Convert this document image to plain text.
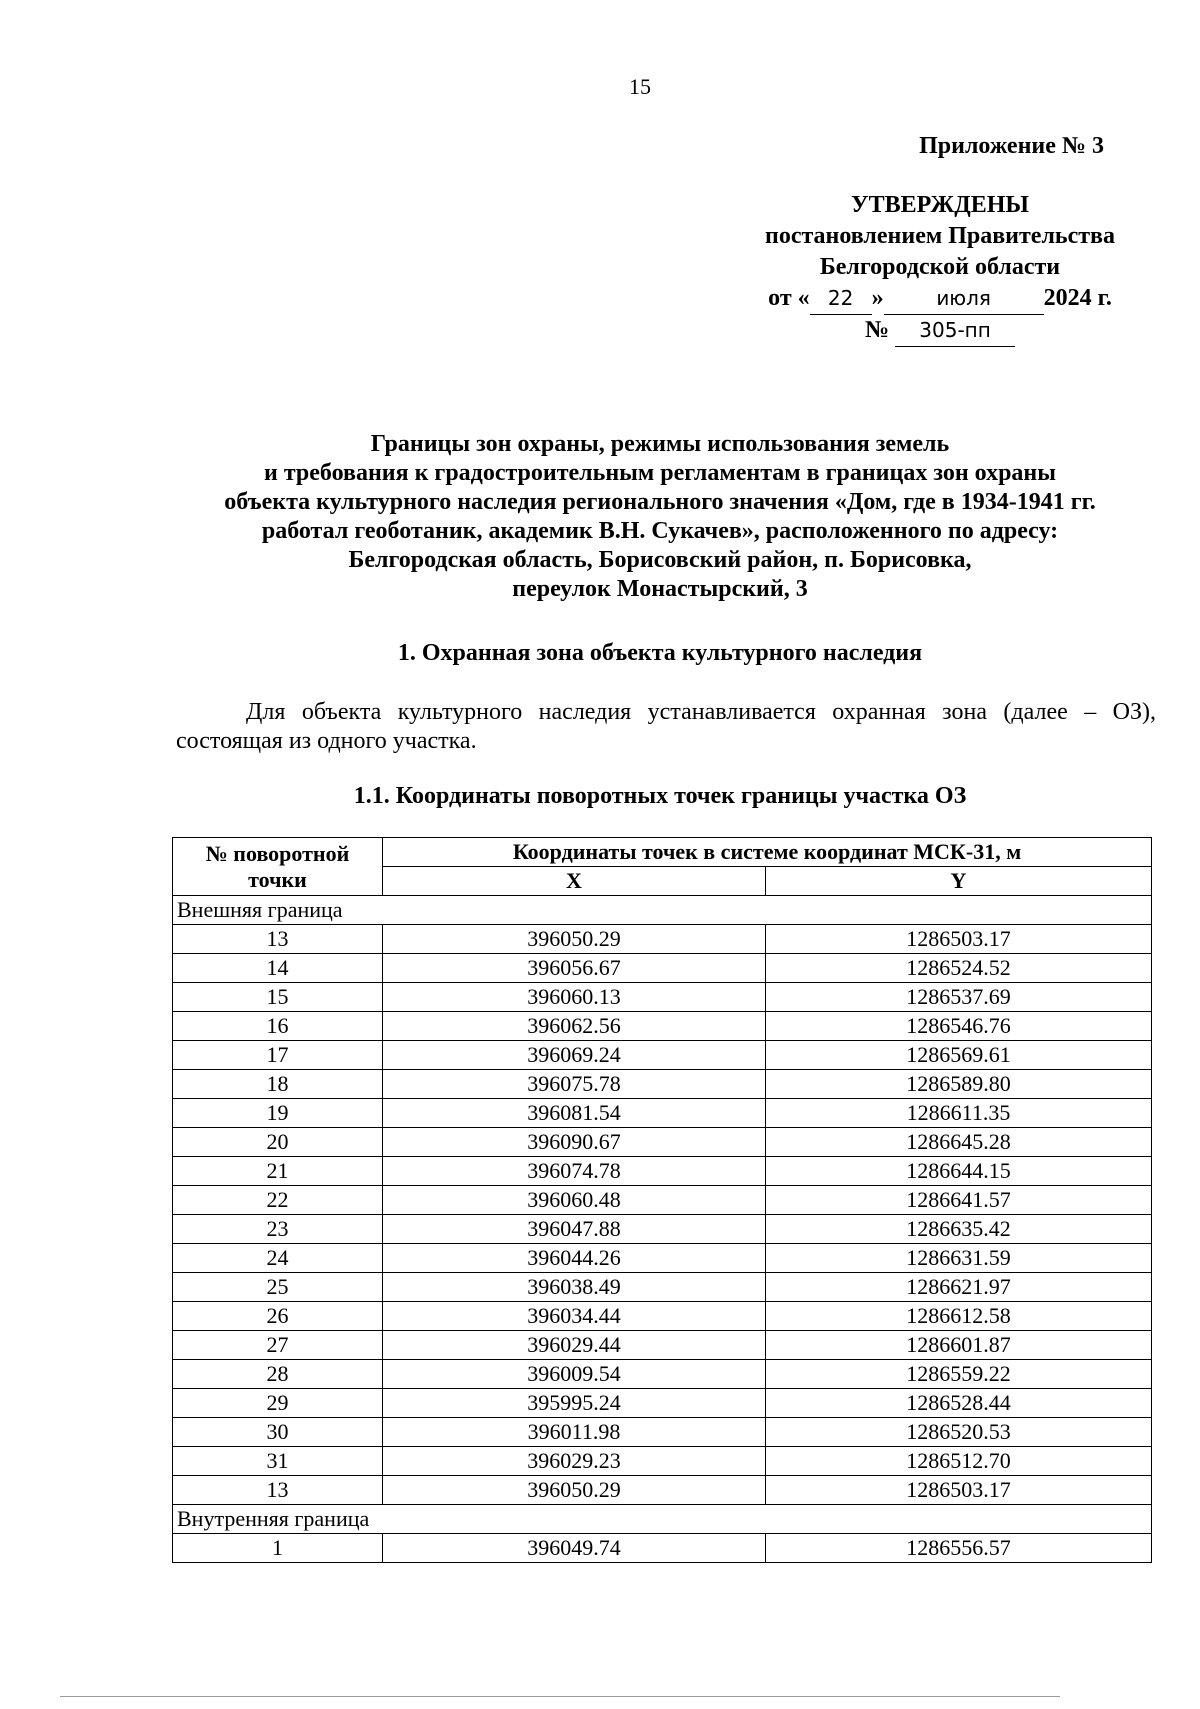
15
Приложение № 3
УТВЕРЖДЕНЫ
постановлением Правительства
Белгородской области
от « 22 »	июля 2024 г.
№ 305-пп
Границы зон охраны, режимы использования земель
и требования к градостроительным регламентам в границах зон охраны
объекта культурного наследия регионального значения «Дом, где в 1934-1941 гг.
работал геоботаник, академик В.Н. Сукачев», расположенного по адресу:
Белгородская область, Борисовский район, п. Борисовка,
переулок Монастырский, 3
1. Охранная зона объекта культурного наследия
Для объекта культурного наследия устанавливается охранная зона (далее – ОЗ), состоящая из одного участка.
1.1. Координаты поворотных точек границы участка ОЗ
№ поворотной точки	Координаты точек в системе координат МСК-31, м	
	X	Y
Внешняя граница		
13	396050.29	1286503.17
14	396056.67	1286524.52
15	396060.13	1286537.69
16	396062.56	1286546.76
17	396069.24	1286569.61
18	396075.78	1286589.80
19	396081.54	1286611.35
20	396090.67	1286645.28
21	396074.78	1286644.15
22	396060.48	1286641.57
23	396047.88	1286635.42
24	396044.26	1286631.59
25	396038.49	1286621.97
26	396034.44	1286612.58
27	396029.44	1286601.87
28	396009.54	1286559.22
29	395995.24	1286528.44
30	396011.98	1286520.53
31	396029.23	1286512.70
13	396050.29	1286503.17
Внутренняя граница		
1	396049.74	1286556.57
